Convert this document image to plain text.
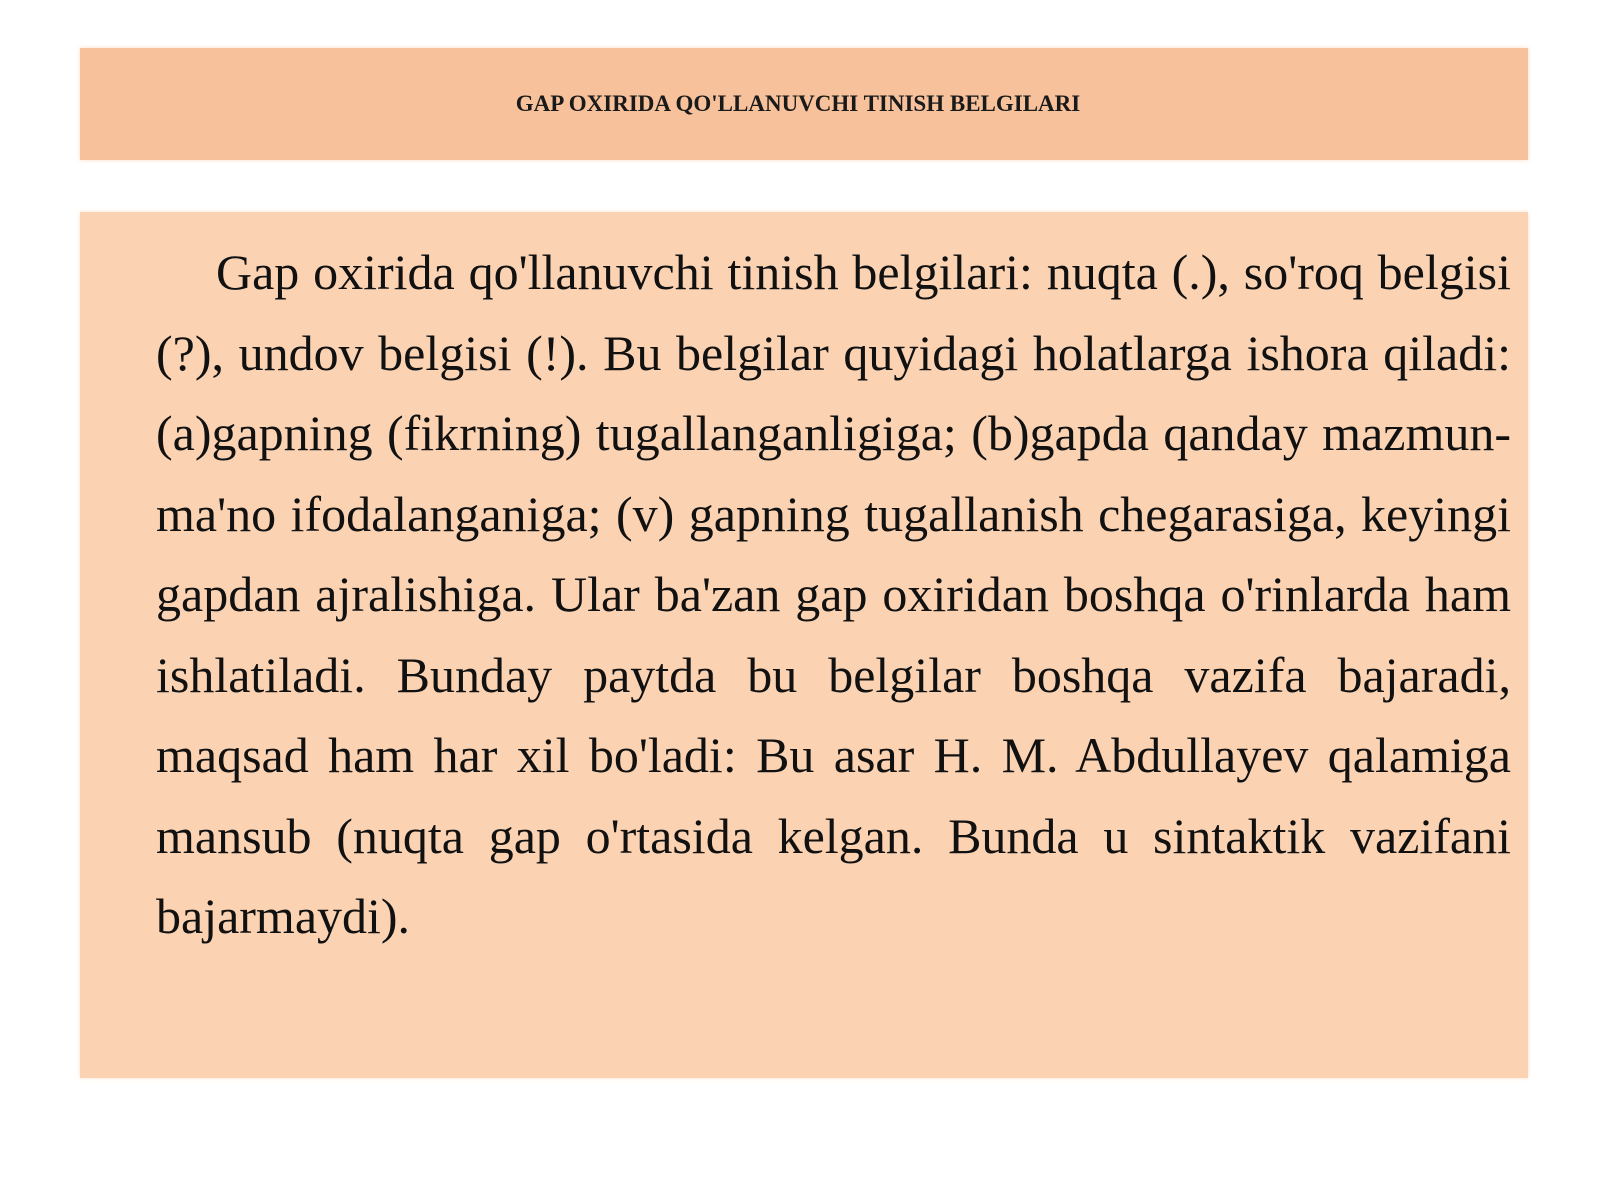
GAP OXIRIDA QO'LLANUVCHI TINISH BELGILARI

Gap oxirida qo'llanuvchi tinish belgilari: nuqta (.), so'roq belgisi (?), undov belgisi (!). Bu belgilar quyidagi holatlarga ishora qiladi: (a)gapning (fikrning) tugallanganligiga; (b)gapda qanday mazmun-ma'no ifodalanganiga; (v) gapning tugallanish chegarasiga, keyingi gapdan ajralishiga. Ular ba'zan gap oxiridan boshqa o'rinlarda ham ishlatiladi. Bunday paytda bu belgilar boshqa vazifa bajaradi, maqsad ham har xil bo'ladi: Bu asar H. M. Abdullayev qalamiga mansub (nuqta gap o'rtasida kelgan. Bunda u sintaktik vazifani bajarmaydi).
